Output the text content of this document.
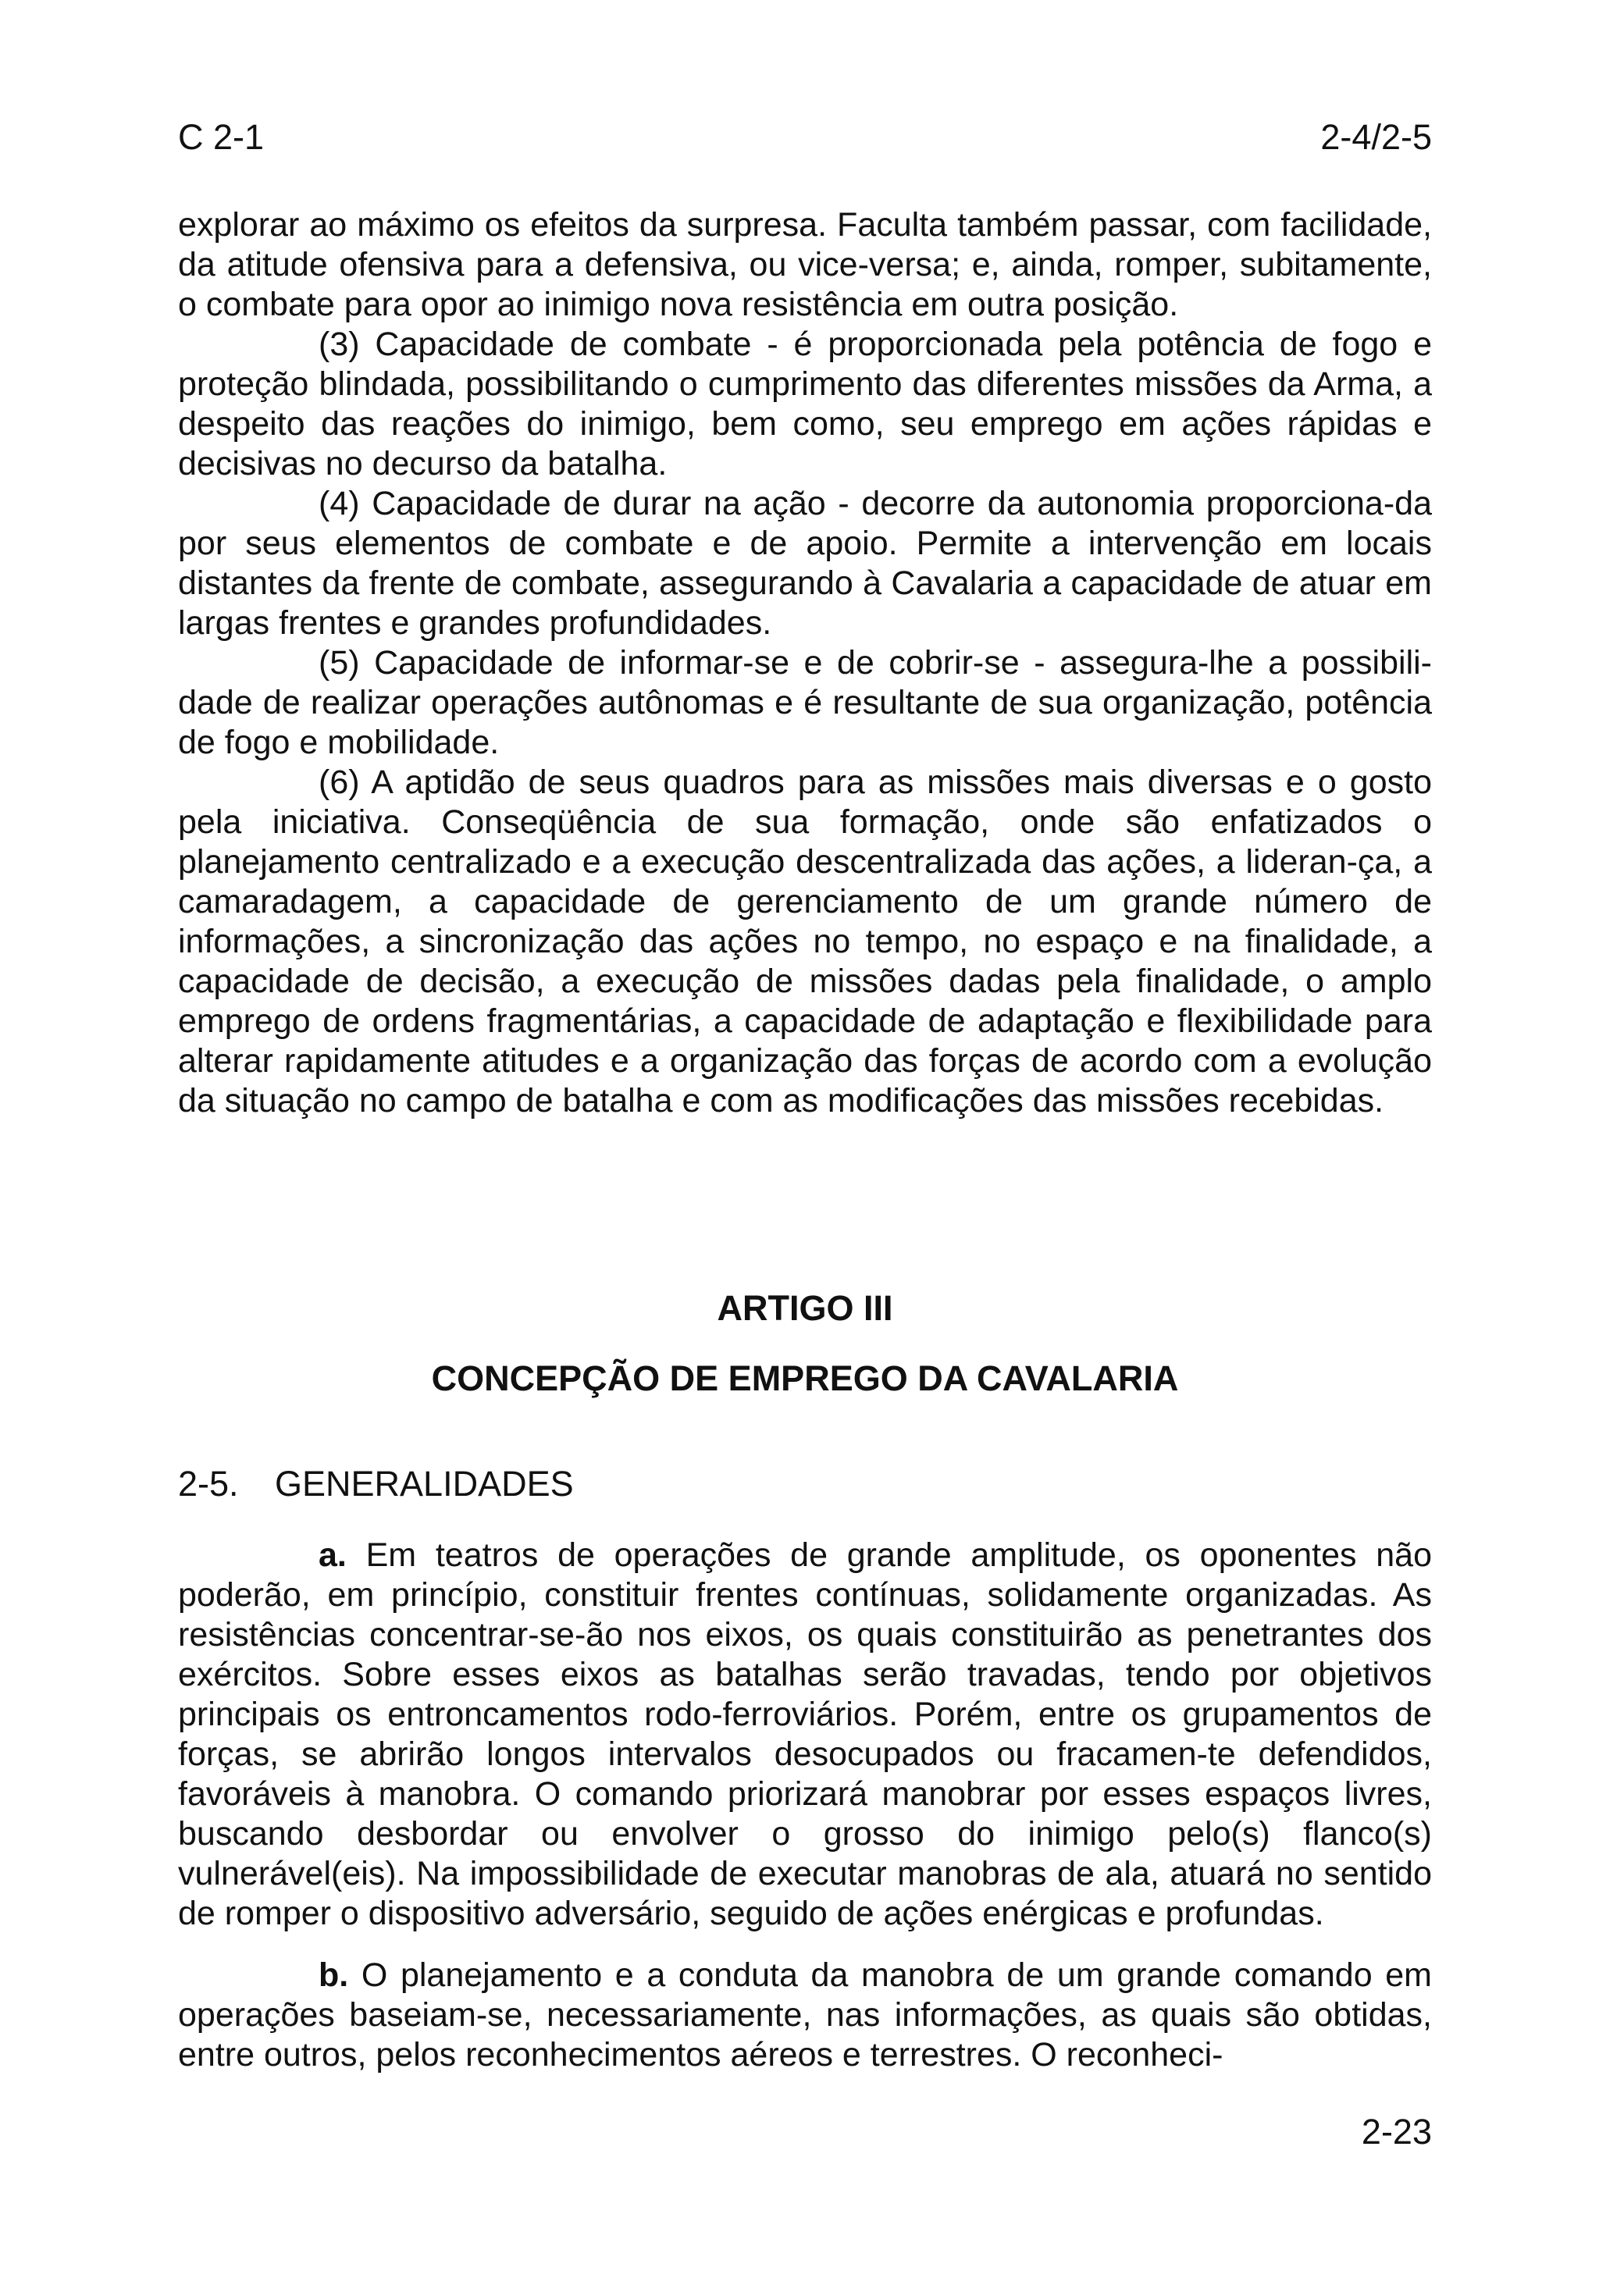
C 2-1	2-4/2-5

explorar ao máximo os efeitos da surpresa. Faculta também passar, com facilidade, da atitude ofensiva para a defensiva, ou vice-versa; e, ainda, romper, subitamente, o combate para opor ao inimigo nova resistência em outra posição.

(3) Capacidade de combate - é proporcionada pela potência de fogo e proteção blindada, possibilitando o cumprimento das diferentes missões da Arma, a despeito das reações do inimigo, bem como, seu emprego em ações rápidas e decisivas no decurso da batalha.

(4) Capacidade de durar na ação - decorre da autonomia proporciona-da por seus elementos de combate e de apoio. Permite a intervenção em locais distantes da frente de combate, assegurando à Cavalaria a capacidade de atuar em largas frentes e grandes profundidades.

(5) Capacidade de informar-se e de cobrir-se - assegura-lhe a possibili-dade de realizar operações autônomas e é resultante de sua organização, potência de fogo e mobilidade.

(6) A aptidão de seus quadros para as missões mais diversas e o gosto pela iniciativa. Conseqüência de sua formação, onde são enfatizados o planejamento centralizado e a execução descentralizada das ações, a lideran-ça, a camaradagem, a capacidade de gerenciamento de um grande número de informações, a sincronização das ações no tempo, no espaço e na finalidade, a capacidade de decisão, a execução de missões dadas pela finalidade, o amplo emprego de ordens fragmentárias, a capacidade de adaptação e flexibilidade para alterar rapidamente atitudes e a organização das forças de acordo com a evolução da situação no campo de batalha e com as modificações das missões recebidas.

ARTIGO III
CONCEPÇÃO DE EMPREGO DA CAVALARIA
2-5. GENERALIDADES

a. Em teatros de operações de grande amplitude, os oponentes não poderão, em princípio, constituir frentes contínuas, solidamente organizadas. As resistências concentrar-se-ão nos eixos, os quais constituirão as penetrantes dos exércitos. Sobre esses eixos as batalhas serão travadas, tendo por objetivos principais os entroncamentos rodo-ferroviários. Porém, entre os grupamentos de forças, se abrirão longos intervalos desocupados ou fracamen-te defendidos, favoráveis à manobra. O comando priorizará manobrar por esses espaços livres, buscando desbordar ou envolver o grosso do inimigo pelo(s) flanco(s) vulnerável(eis). Na impossibilidade de executar manobras de ala, atuará no sentido de romper o dispositivo adversário, seguido de ações enérgicas e profundas.

b. O planejamento e a conduta da manobra de um grande comando em operações baseiam-se, necessariamente, nas informações, as quais são obtidas, entre outros, pelos reconhecimentos aéreos e terrestres. O reconheci-

2-23
